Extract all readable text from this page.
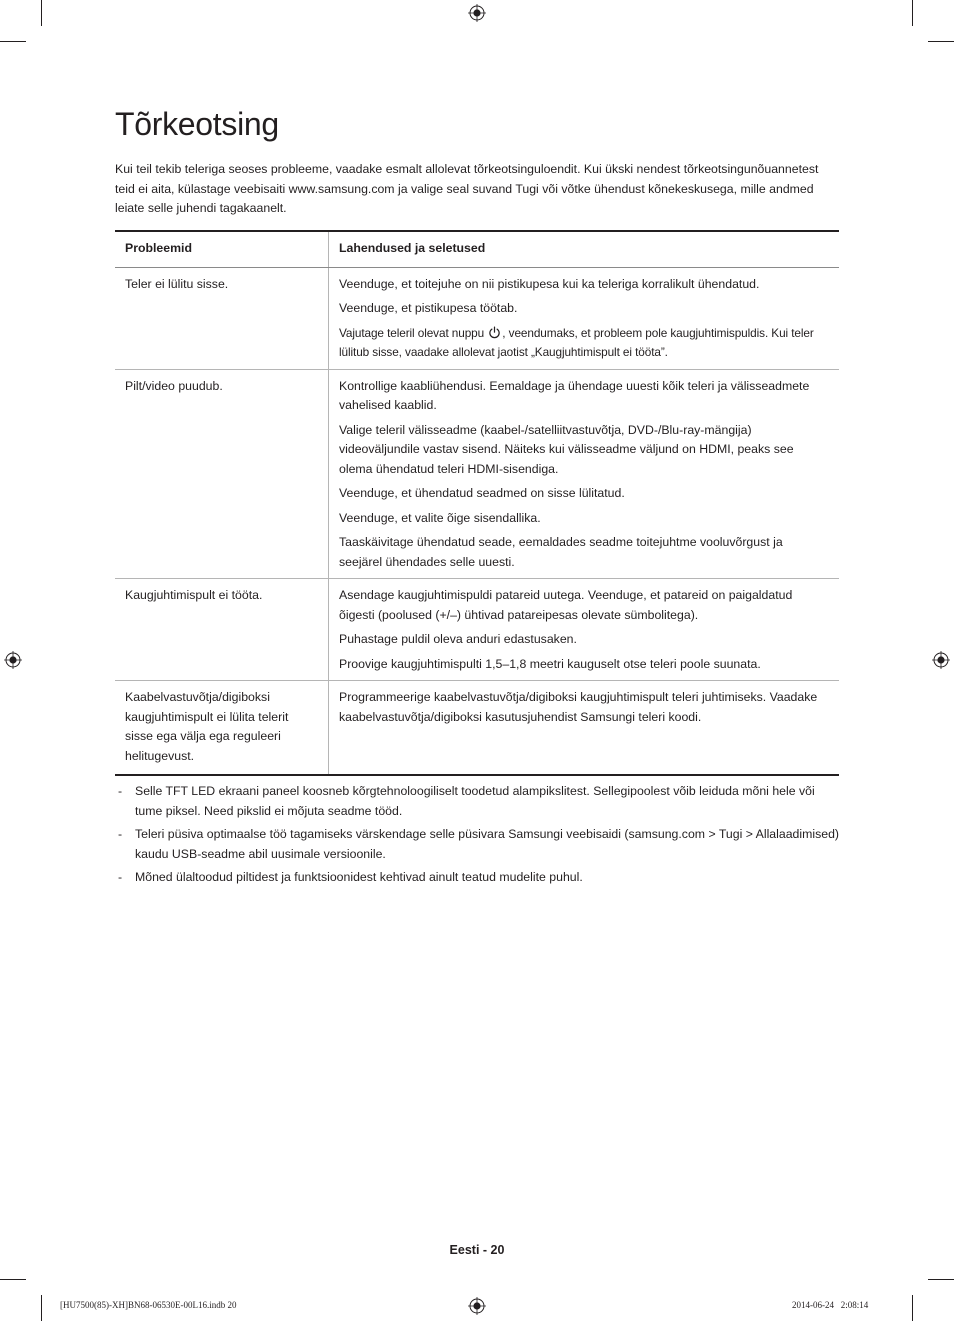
Tõrkeotsing

Kui teil tekib teleriga seoses probleeme, vaadake esmalt allolevat tõrkeotsinguloendit. Kui ükski nendest tõrkeotsingunõuannetest teid ei aita, külastage veebisaiti www.samsung.com ja valige seal suvand Tugi või võtke ühendust kõnekeskusega, mille andmed leiate selle juhendi tagakaanelt.

Probleemid	Lahendused ja seletused
Teler ei lülitu sisse.	Veenduge, et toitejuhe on nii pistikupesa kui ka teleriga korralikult ühendatud.

Veenduge, et pistikupesa töötab.

Vajutage teleril olevat nuppu , veendumaks, et probleem pole kaugjuhtimispuldis. Kui teler lülitub sisse, vaadake allolevat jaotist „Kaugjuhtimispult ei tööta”.

Pilt/video puudub.	Kontrollige kaabliühendusi. Eemaldage ja ühendage uuesti kõik teleri ja välisseadmete vahelised kaablid.

Valige teleril välisseadme (kaabel-/satelliitvastuvõtja, DVD-/Blu-ray-mängija) videoväljundile vastav sisend. Näiteks kui välisseadme väljund on HDMI, peaks see olema ühendatud teleri HDMI-sisendiga.

Veenduge, et ühendatud seadmed on sisse lülitatud.

Veenduge, et valite õige sisendallika.

Taaskäivitage ühendatud seade, eemaldades seadme toitejuhtme vooluvõrgust ja seejärel ühendades selle uuesti.

Kaugjuhtimispult ei tööta.	Asendage kaugjuhtimispuldi patareid uutega. Veenduge, et patareid on paigaldatud õigesti (poolused (+/–) ühtivad patareipesas olevate sümbolitega).

Puhastage puldil oleva anduri edastusaken.

Proovige kaugjuhtimispulti 1,5–1,8 meetri kauguselt otse teleri poole suunata.

Kaabelvastuvõtja/digiboksi kaugjuhtimispult ei lülita telerit sisse ega välja ega reguleeri helitugevust.	Programmeerige kaabelvastuvõtja/digiboksi kaugjuhtimispult teleri juhtimiseks. Vaadake kaabelvastuvõtja/digiboksi kasutusjuhendist Samsungi teleri koodi.

- Selle TFT LED ekraani paneel koosneb kõrgtehnoloogiliselt toodetud alampikslitest. Sellegipoolest võib leiduda mõni hele või tume piksel. Need pikslid ei mõjuta seadme tööd.
- Teleri püsiva optimaalse töö tagamiseks värskendage selle püsivara Samsungi veebisaidi (samsung.com > Tugi > Allalaadimised) kaudu USB-seadme abil uusimale versioonile.
- Mõned ülaltoodud piltidest ja funktsioonidest kehtivad ainult teatud mudelite puhul.
Eesti - 20
[HU7500(85)-XH]BN68-06530E-00L16.indb 20	2014-06-24   2:08:14
